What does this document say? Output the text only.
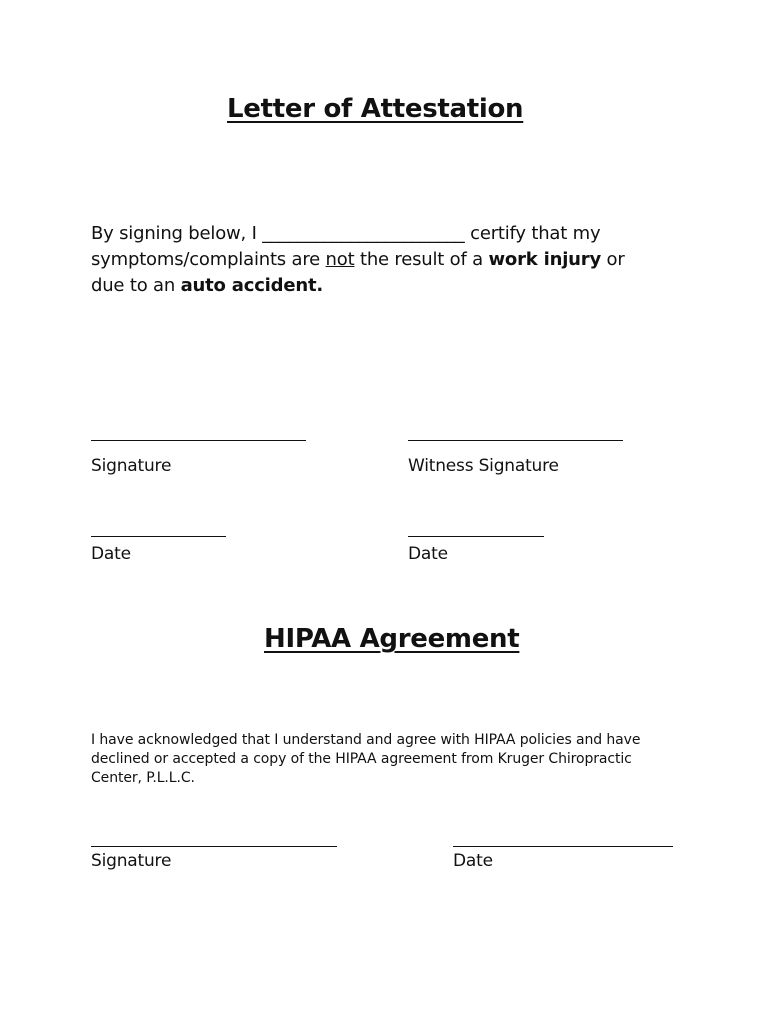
Letter of Attestation

By signing below, I _______________________ certify that my symptoms/complaints are not the result of a work injury or due to an auto accident.

Signature	Witness Signature
Date	Date
HIPAA Agreement

I have acknowledged that I understand and agree with HIPAA policies and have declined or accepted a copy of the HIPAA agreement from Kruger Chiropractic Center, P.L.L.C.

Signature	Date
